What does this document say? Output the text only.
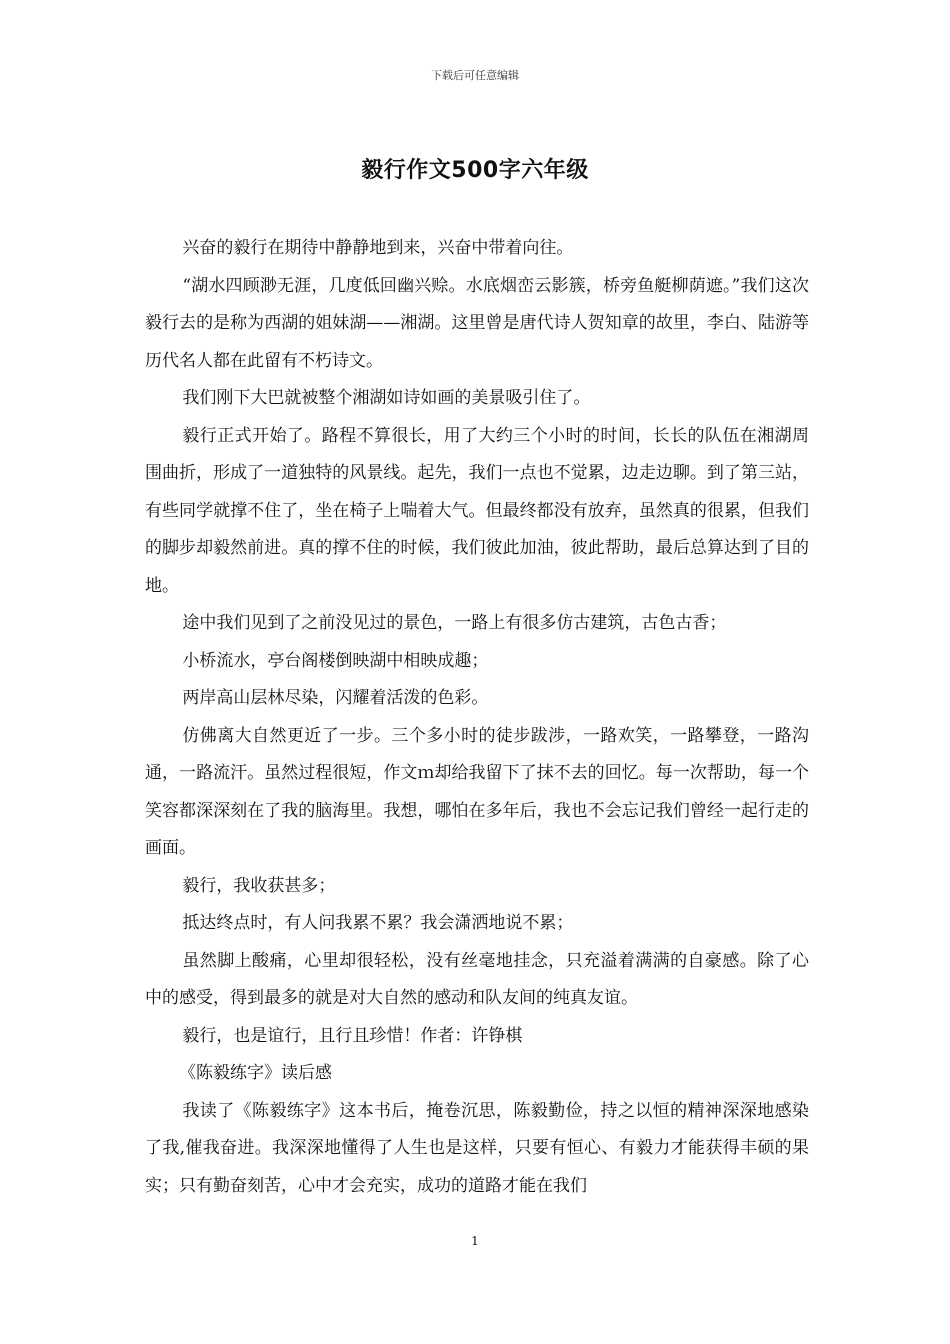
下载后可任意编辑
毅行作文500字六年级

兴奋的毅行在期待中静静地到来，兴奋中带着向往。

“湖水四顾渺无涯，几度低回幽兴赊。水底烟峦云影簇，桥旁鱼艇柳荫遮。”我们这次毅行去的是称为西湖的姐妹湖——湘湖。这里曾是唐代诗人贺知章的故里，李白、陆游等历代名人都在此留有不朽诗文。

我们刚下大巴就被整个湘湖如诗如画的美景吸引住了。

毅行正式开始了。路程不算很长，用了大约三个小时的时间，长长的队伍在湘湖周围曲折，形成了一道独特的风景线。起先，我们一点也不觉累，边走边聊。到了第三站，有些同学就撑不住了，坐在椅子上喘着大气。但最终都没有放弃，虽然真的很累，但我们的脚步却毅然前进。真的撑不住的时候，我们彼此加油，彼此帮助，最后总算达到了目的地。

途中我们见到了之前没见过的景色，一路上有很多仿古建筑，古色古香；

小桥流水，亭台阁楼倒映湖中相映成趣；

两岸高山层林尽染，闪耀着活泼的色彩。

仿佛离大自然更近了一步。三个多小时的徒步跋涉，一路欢笑，一路攀登，一路沟通，一路流汗。虽然过程很短，作文ｍ却给我留下了抹不去的回忆。每一次帮助，每一个笑容都深深刻在了我的脑海里。我想，哪怕在多年后，我也不会忘记我们曾经一起行走的画面。

毅行，我收获甚多；

抵达终点时，有人问我累不累？我会潇洒地说不累；

虽然脚上酸痛，心里却很轻松，没有丝毫地挂念，只充溢着满满的自豪感。除了心中的感受，得到最多的就是对大自然的感动和队友间的纯真友谊。

毅行，也是谊行，且行且珍惜！作者：许铮棋

《陈毅练字》读后感

我读了《陈毅练字》这本书后，掩卷沉思，陈毅勤俭，持之以恒的精神深深地感染了我,催我奋进。我深深地懂得了人生也是这样，只要有恒心、有毅力才能获得丰硕的果实；只有勤奋刻苦，心中才会充实，成功的道路才能在我们

1
